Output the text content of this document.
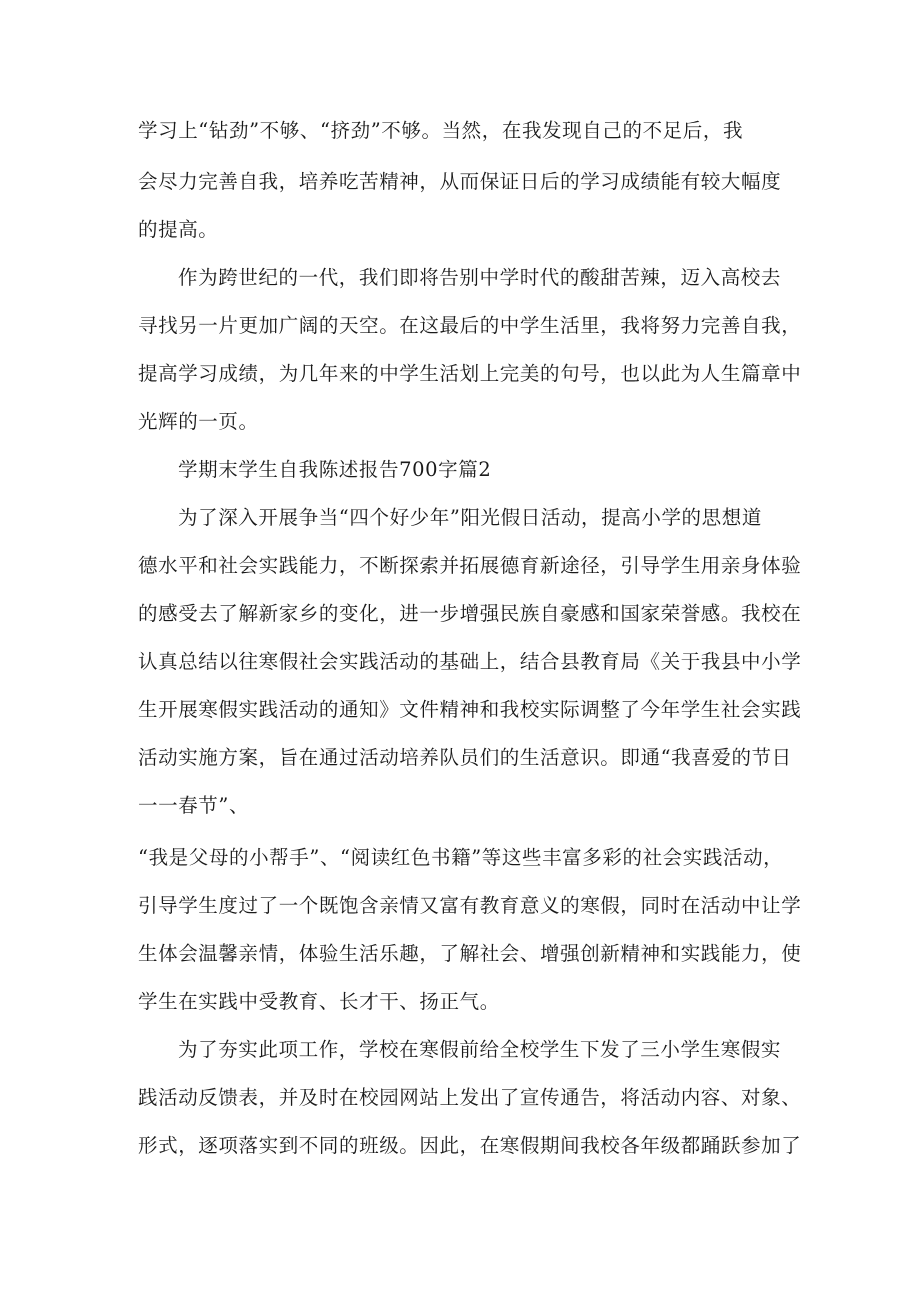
学习上“钻劲”不够、“挤劲”不够。当然，在我发现自己的不足后，我
会尽力完善自我，培养吃苦精神，从而保证日后的学习成绩能有较大幅度
的提高。
作为跨世纪的一代，我们即将告别中学时代的酸甜苦辣，迈入高校去
寻找另一片更加广阔的天空。在这最后的中学生活里，我将努力完善自我，
提高学习成绩，为几年来的中学生活划上完美的句号，也以此为人生篇章中
光辉的一页。
学期末学生自我陈述报告700字篇2
为了深入开展争当“四个好少年”阳光假日活动，提高小学的思想道
德水平和社会实践能力，不断探索并拓展德育新途径，引导学生用亲身体验
的感受去了解新家乡的变化，进一步增强民族自豪感和国家荣誉感。我校在
认真总结以往寒假社会实践活动的基础上，结合县教育局《关于我县中小学
生开展寒假实践活动的通知》文件精神和我校实际调整了今年学生社会实践
活动实施方案，旨在通过活动培养队员们的生活意识。即通“我喜爱的节日
一一春节”、
“我是父母的小帮手”、“阅读红色书籍”等这些丰富多彩的社会实践活动，
引导学生度过了一个既饱含亲情又富有教育意义的寒假，同时在活动中让学
生体会温馨亲情，体验生活乐趣，了解社会、增强创新精神和实践能力，使
学生在实践中受教育、长才干、扬正气。
为了夯实此项工作，学校在寒假前给全校学生下发了三小学生寒假实
践活动反馈表，并及时在校园网站上发出了宣传通告，将活动内容、对象、
形式，逐项落实到不同的班级。因此，在寒假期间我校各年级都踊跃参加了
